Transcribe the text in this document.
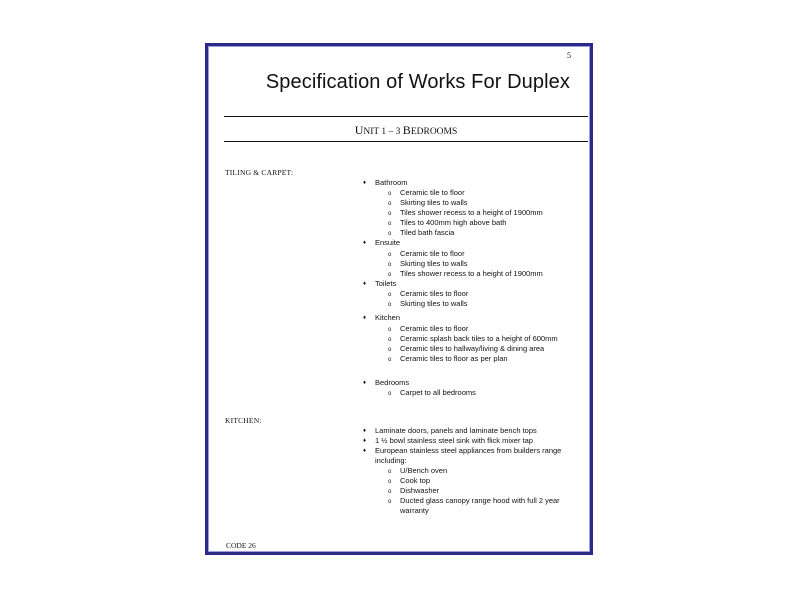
5
Specification of Works For Duplex
UNIT 1 – 3 BEDROOMS
TILING & CARPET:
♦ Bathroom
o Ceramic tile to floor
o Skirting tiles to walls
o Tiles shower recess to a height of 1900mm
o Tiles to 400mm high above bath
o Tiled bath fascia
♦ Ensuite
o Ceramic tile to floor
o Skirting tiles to walls
o Tiles shower recess to a height of 1900mm
♦ Toilets
o Ceramic tiles to floor
o Skirting tiles to walls
♦ Kitchen
o Ceramic tiles to floor
o Ceramic splash back tiles to a height of 600mm
o Ceramic tiles to hallway/living & dining area
o Ceramic tiles to floor as per plan
♦ Bedrooms
o Carpet to all bedrooms
KITCHEN:
♦ Laminate doors, panels and laminate bench tops
♦ 1 ½ bowl stainless steel sink with flick mixer tap
♦ European stainless steel appliances from builders range
including:
o U/Bench oven
o Cook top
o Dishwasher
o Ducted glass canopy range hood with full 2 year
warranty
CODE 26
